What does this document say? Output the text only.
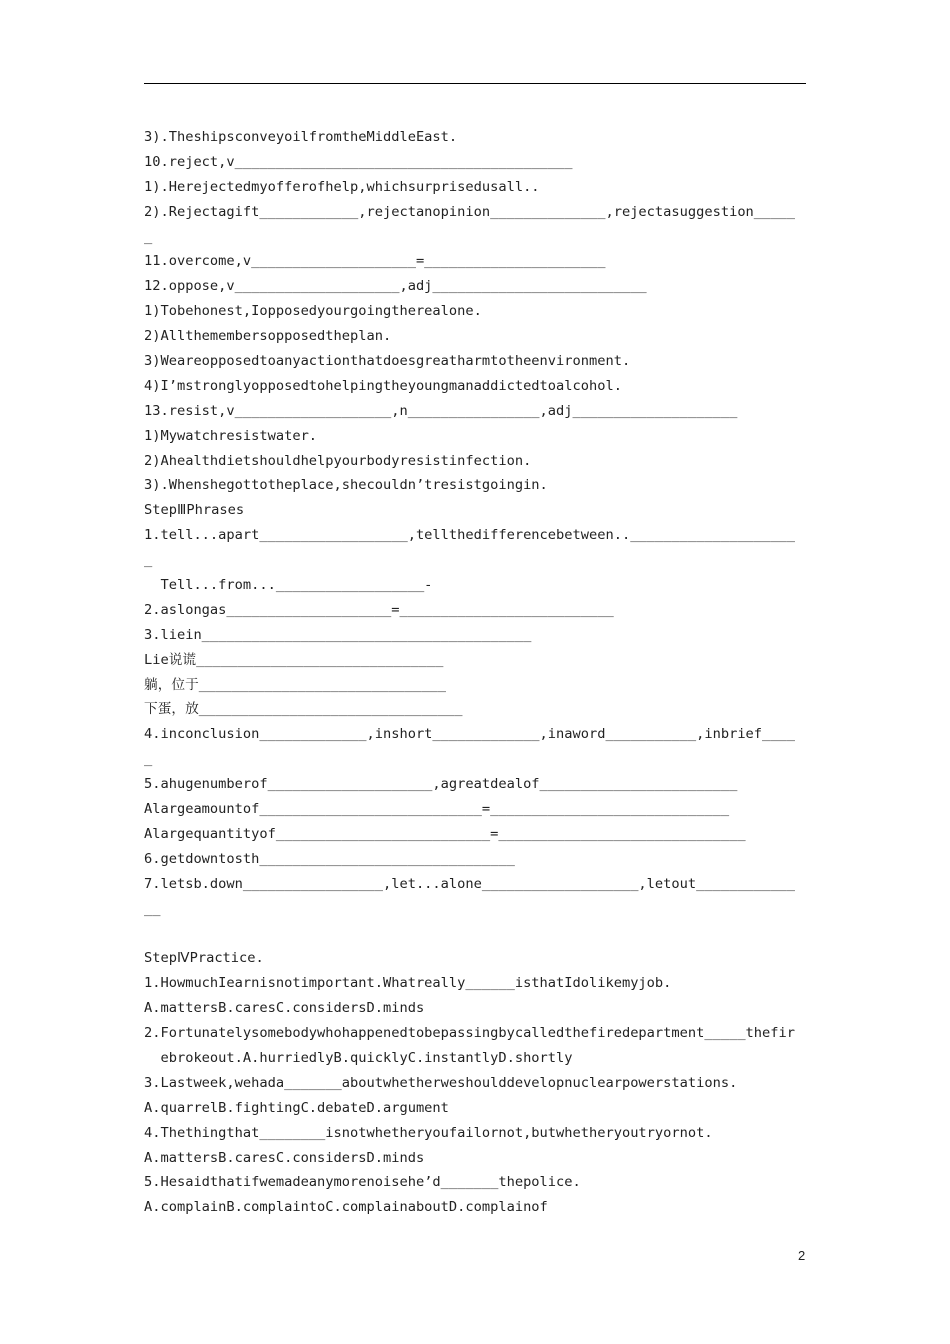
3).TheshipsconveyoilfromtheMiddleEast.
10.reject,v_________________________________________
1).Herejectedmyofferofhelp,whichsurprisedusall..
2).Rejectagift____________,rejectanopinion______________,rejectasuggestion_____
_
11.overcome,v____________________=______________________
12.oppose,v____________________,adj__________________________
1)Tobehonest,Iopposedyourgoingtherealone.
2)Allthemembersopposedtheplan.
3)Weareopposedtoanyactionthatdoesgreatharmtotheenvironment.
4)I’mstronglyopposedtohelpingtheyoungmanaddictedtoalcohol.
13.resist,v___________________,n________________,adj____________________
1)Mywatchresistwater.
2)Ahealthdietshouldhelpyourbodyresistinfection.
3).Whenshegottotheplace,shecouldn’tresistgoingin.
StepⅢPhrases
1.tell...apart__________________,tellthedifferencebetween..____________________
_
Tell...from...__________________-
2.aslongas____________________=__________________________
3.liein________________________________________
Lie说谎______________________________
躺，位于______________________________
下蛋，放________________________________
4.inconclusion_____________,inshort_____________,inaword___________,inbrief____
_
5.ahugenumberof____________________,agreatdealof________________________
Alargeamountof___________________________=_____________________________
Alargequantityof__________________________=______________________________
6.getdowntosth_______________________________
7.letsb.down_________________,let...alone___________________,letout____________
__
StepⅣPractice.
1.HowmuchIearnisnotimportant.Whatreally______isthatIdolikemyjob.
A.mattersB.caresC.considersD.minds
2.Fortunatelysomebodywhohappenedtobepassingbycalledthefiredepartment_____thefir
ebrokeout.A.hurriedlyB.quicklyC.instantlyD.shortly
3.Lastweek,wehada_______aboutwhetherweshoulddevelopnuclearpowerstations.
A.quarrelB.fightingC.debateD.argument
4.Thethingthat________isnotwhetheryoufailornot,butwhetheryoutryornot.
A.mattersB.caresC.considersD.minds
5.Hesaidthatifwemadeanymorenoisehe’d_______thepolice.
A.complainB.complaintoC.complainaboutD.complainof
2
